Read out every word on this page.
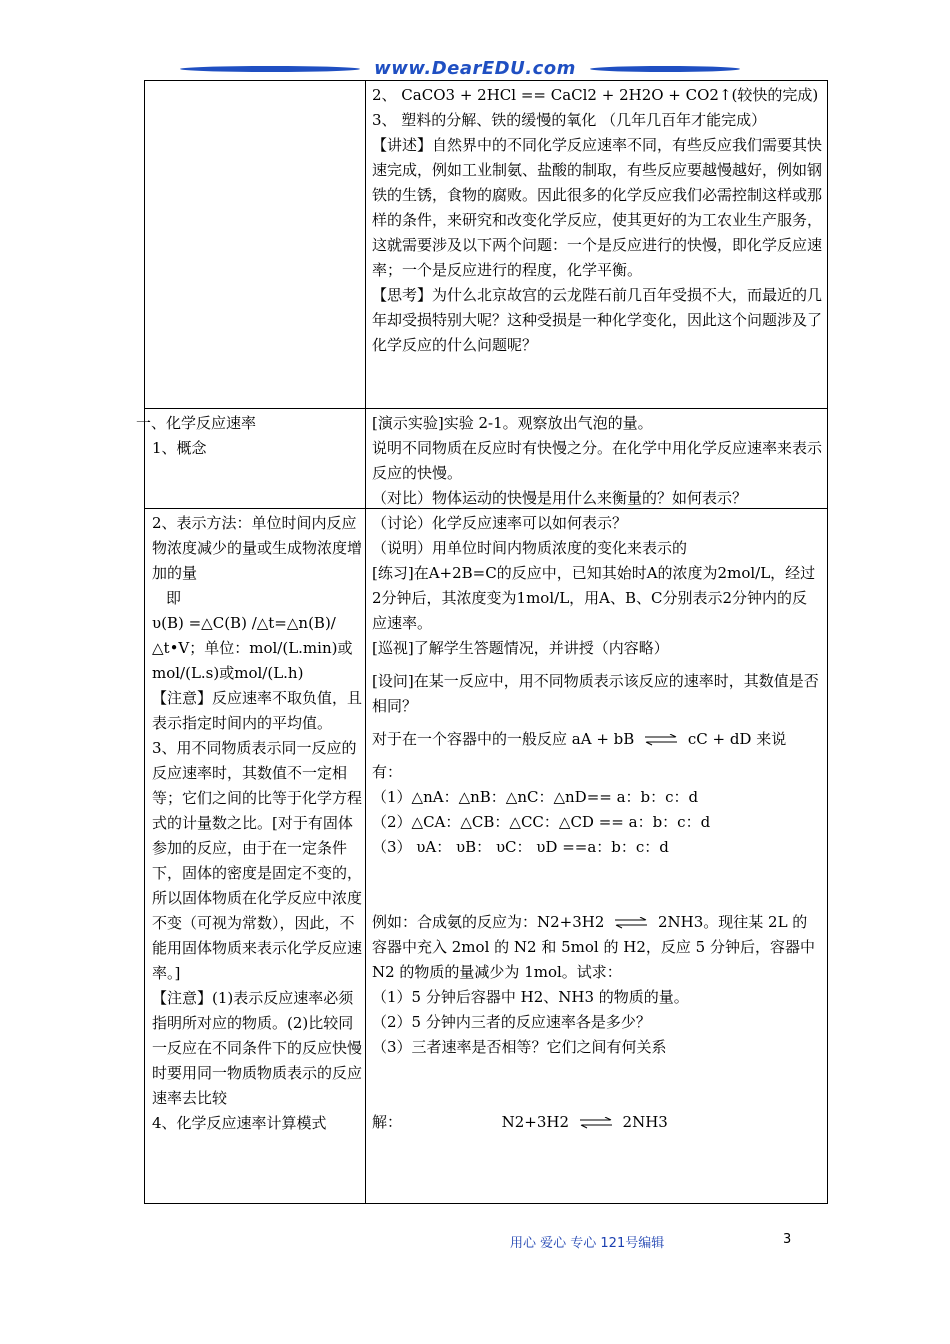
www.DearEDU.com

2、 CaCO3 + 2HCl == CaCl2 + 2H2O + CO2↑(较快的完成)

3、 塑料的分解、铁的缓慢的氧化 （几年几百年才能完成）

【讲述】自然界中的不同化学反应速率不同，有些反应我们需要其快速完成，例如工业制氨、盐酸的制取，有些反应要越慢越好，例如钢铁的生锈，食物的腐败。因此很多的化学反应我们必需控制这样或那样的条件，来研究和改变化学反应，使其更好的为工农业生产服务，这就需要涉及以下两个问题：一个是反应进行的快慢，即化学反应速率；一个是反应进行的程度，化学平衡。

【思考】为什么北京故宫的云龙陛石前几百年受损不大，而最近的几年却受损特别大呢？这种受损是一种化学变化，因此这个问题涉及了化学反应的什么问题呢？

一、化学反应速率

1、概念

[演示实验]实验 2-1。观察放出气泡的量。

说明不同物质在反应时有快慢之分。在化学中用化学反应速率来表示反应的快慢。

（对比）物体运动的快慢是用什么来衡量的？如何表示？

2、表示方法：单位时间内反应物浓度减少的量或生成物浓度增加的量

即

υ(B) =△C(B) /△t=△n(B)/△t•V；单位：mol/(L.min)或mol/(L.s)或mol/(L.h)

【注意】反应速率不取负值，且表示指定时间内的平均值。

3、用不同物质表示同一反应的反应速率时，其数值不一定相等；它们之间的比等于化学方程式的计量数之比。[对于有固体参加的反应，由于在一定条件下，固体的密度是固定不变的，所以固体物质在化学反应中浓度不变（可视为常数），因此，不能用固体物质来表示化学反应速率。]

【注意】(1)表示反应速率必须指明所对应的物质。(2)比较同一反应在不同条件下的反应快慢时要用同一物质物质表示的反应速率去比较

4、化学反应速率计算模式

（讨论）化学反应速率可以如何表示？

（说明）用单位时间内物质浓度的变化来表示的

[练习]在A+2B=C的反应中，已知其始时A的浓度为2mol/L，经过2分钟后，其浓度变为1mol/L，用A、B、C分别表示2分钟内的反应速率。

[巡视]了解学生答题情况，并讲授（内容略）

[设问]在某一反应中，用不同物质表示该反应的速率时，其数值是否相同？

对于在一个容器中的一般反应 aA + bB ⇌ cC + dD 来说

有：

（1）△nA：△nB：△nC：△nD== a：b：c：d

（2）△CA：△CB：△CC：△CD == a：b：c：d

（3） υA： υB： υC： υD ==a：b：c：d

例如：合成氨的反应为：N2+3H2 ⇌ 2NH3。现往某 2L 的容器中充入 2mol 的 N2 和 5mol 的 H2，反应 5 分钟后，容器中 N2 的物质的量减少为 1mol。试求：

（1）5 分钟后容器中 H2、NH3 的物质的量。

（2）5 分钟内三者的反应速率各是多少？

（3）三者速率是否相等？它们之间有何关系

解：	N2+3H2 ⇌ 2NH3

用心 爱心 专心 121号编辑	3
